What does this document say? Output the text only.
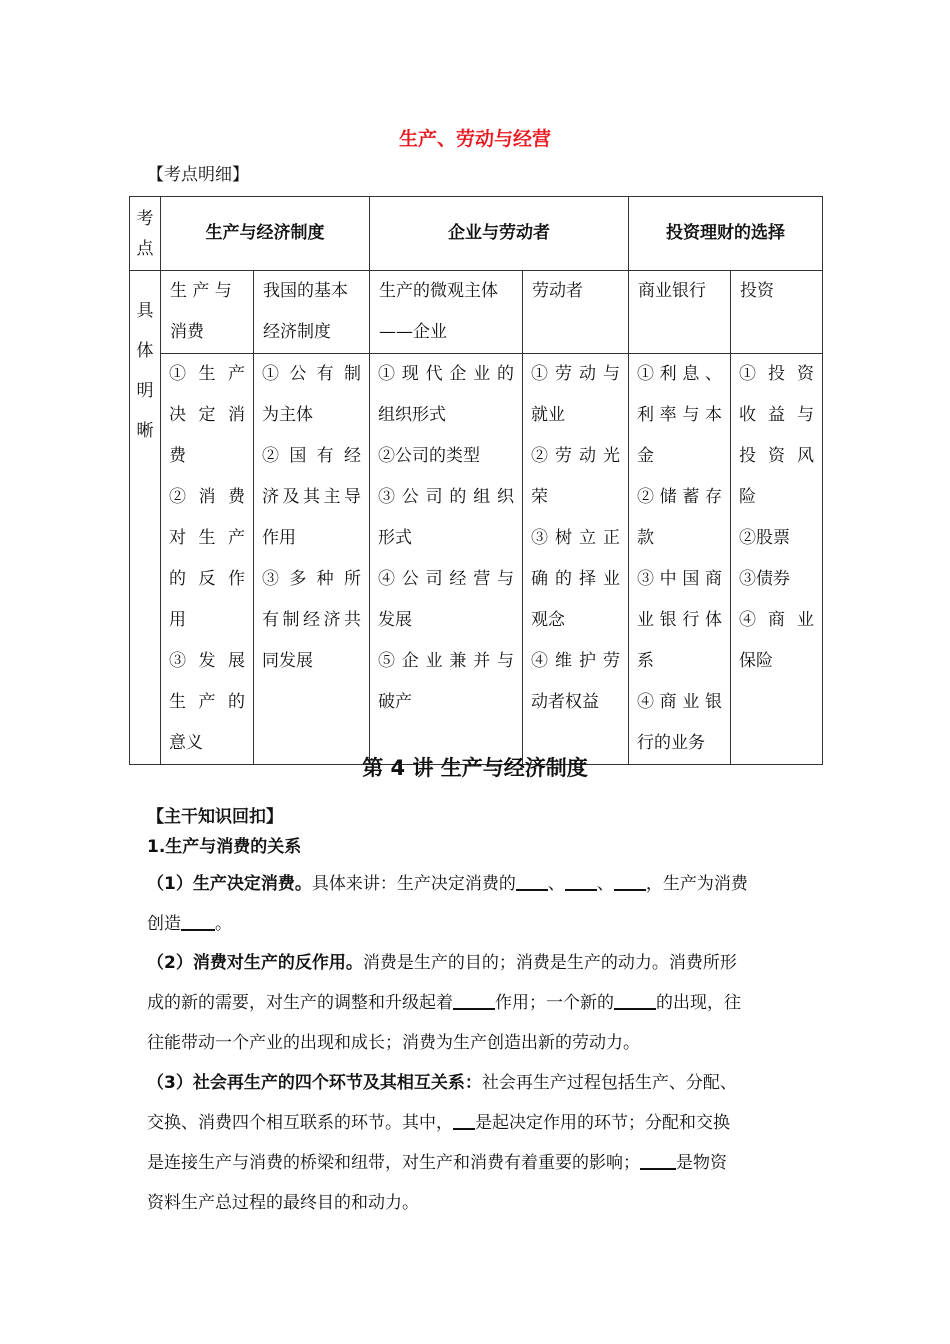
生产、劳动与经营
【考点明细】
考点	生产与经济制度		企业与劳动者		投资理财的选择	
具体明晰	生 产 与 消费	我国的基本经济制度	生产的微观主体——企业	劳动者	商业银行	投资

	① 生 产 决 定 消 费
② 消 费 对 生 产 的 反 作 用
③ 发 展 生 产 的 意义	① 公 有 制 为主体
② 国 有 经 济及其主导 作用
③ 多 种 所 有制经济共 同发展	① 现 代 企 业 的组织形式
②公司的类型
③ 公 司 的 组 织形式
④ 公 司 经 营 与 发展
⑤ 企 业 兼 并 与 破产	① 劳 动 与 就业
② 劳 动 光 荣
③ 树 立 正 确 的 择 业 观念
④ 维 护 劳 动者权益	① 利 息 、 利 率 与 本 金
② 储 蓄 存 款
③ 中 国 商 业 银 行 体 系
④ 商 业 银 行的业务	① 投 资 收 益 与 投 资 风 险
②股票
③债券
④ 商 业 保险
第 4 讲 生产与经济制度
【主干知识回扣】
1.生产与消费的关系
（1）生产决定消费。具体来讲：生产决定消费的 、 、 ，生产为消费
创造 。
（2）消费对生产的反作用。消费是生产的目的；消费是生产的动力。消费所形
成的新的需要，对生产的调整和升级起着 作用；一个新的 的出现，往
往能带动一个产业的出现和成长；消费为生产创造出新的劳动力。
（3）社会再生产的四个环节及其相互关系：社会再生产过程包括生产、分配、
交换、消费四个相互联系的环节。其中， 是起决定作用的环节；分配和交换
是连接生产与消费的桥梁和纽带，对生产和消费有着重要的影响； 是物资
资料生产总过程的最终目的和动力。
